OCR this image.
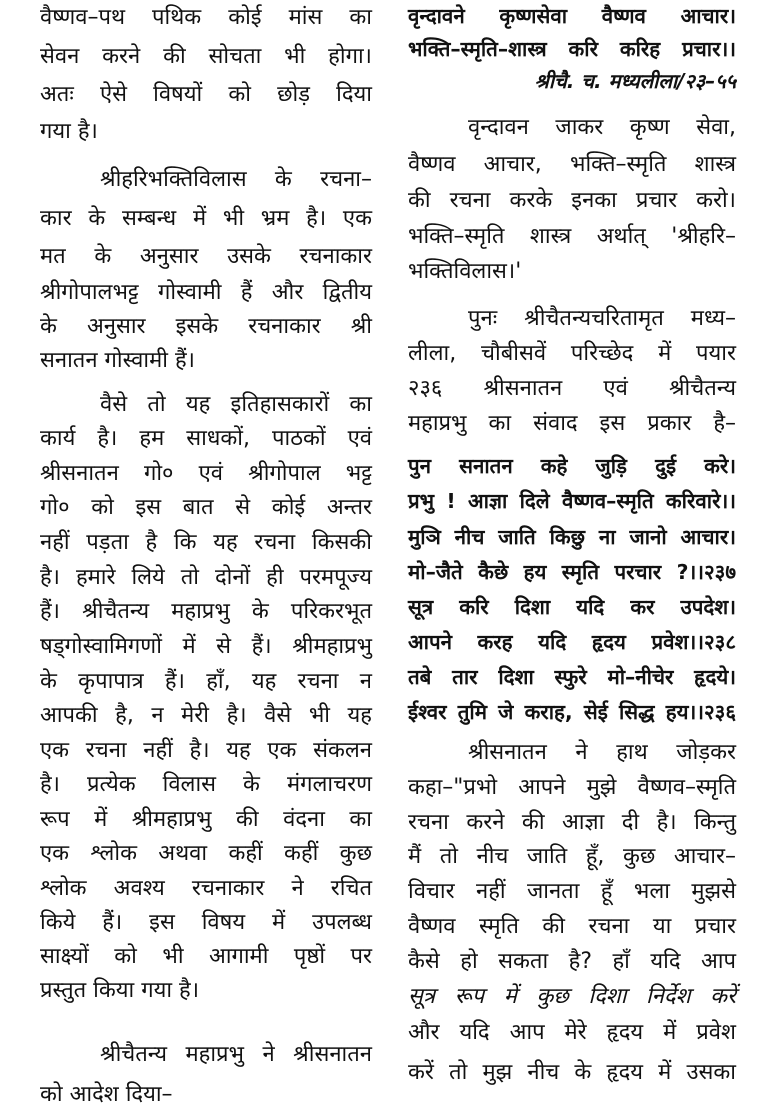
वैष्णव–पथ पथिक कोई मांस का
सेवन करने की सोचता भी होगा।
अतः ऐसे विषयों को छोड़ दिया
गया है।
श्रीहरिभक्तिविलास के रचना–
कार के सम्बन्ध में भी भ्रम है। एक
मत के अनुसार उसके रचनाकार
श्रीगोपालभट्ट गोस्वामी हैं और द्वितीय
के अनुसार इसके रचनाकार श्री
सनातन गोस्वामी हैं।
वैसे तो यह इतिहासकारों का
कार्य है। हम साधकों, पाठकों एवं
श्रीसनातन गो० एवं श्रीगोपाल भट्ट
गो० को इस बात से कोई अन्तर
नहीं पड़ता है कि यह रचना किसकी
है। हमारे लिये तो दोनों ही परमपूज्य
हैं। श्रीचैतन्य महाप्रभु के परिकरभूत
षड्गोस्वामिगणों में से हैं। श्रीमहाप्रभु
के कृपापात्र हैं। हाँ, यह रचना न
आपकी है, न मेरी है। वैसे भी यह
एक रचना नहीं है। यह एक संकलन
है। प्रत्येक विलास के मंगलाचरण
रूप में श्रीमहाप्रभु की वंदना का
एक श्लोक अथवा कहीं कहीं कुछ
श्लोक अवश्य रचनाकार ने रचित
किये हैं। इस विषय में उपलब्ध
साक्ष्यों को भी आगामी पृष्ठों पर
प्रस्तुत किया गया है।
श्रीचैतन्य महाप्रभु ने श्रीसनातन
को आदेश दिया–
वृन्दावने कृष्णसेवा वैष्णव आचार।
भक्ति–स्मृति–शास्त्र करि करिह प्रचार।।
श्रीचै. च. मध्यलीला/२३–५५
वृन्दावन जाकर कृष्ण सेवा,
वैष्णव आचार, भक्ति–स्मृति शास्त्र
की रचना करके इनका प्रचार करो।
भक्ति–स्मृति शास्त्र अर्थात् 'श्रीहरि–
भक्तिविलास।'
पुनः श्रीचैतन्यचरितामृत मध्य–
लीला, चौबीसवें परिच्छेद में पयार
२३६ श्रीसनातन एवं श्रीचैतन्य
महाप्रभु का संवाद इस प्रकार है–
पुन सनातन कहे जुड़ि दुई करे।
प्रभु ! आज्ञा दिले वैष्णव–स्मृति करिवारे।।
मुञि नीच जाति किछु ना जानो आचार।
मो–जैते कैछे हय स्मृति परचार ?।।२३७
सूत्र करि दिशा यदि कर उपदेश।
आपने करह यदि हृदय प्रवेश।।२३८
तबे तार दिशा स्फुरे मो–नीचेर हृदये।
ईश्वर तुमि जे कराह, सेई सिद्ध हय।।२३६
श्रीसनातन ने हाथ जोड़कर
कहा–"प्रभो आपने मुझे वैष्णव–स्मृति
रचना करने की आज्ञा दी है। किन्तु
मैं तो नीच जाति हूँ, कुछ आचार–
विचार नहीं जानता हूँ भला मुझसे
वैष्णव स्मृति की रचना या प्रचार
कैसे हो सकता है? हाँ यदि आप
सूत्र रूप में कुछ दिशा निर्देश करें
और यदि आप मेरे हृदय में प्रवेश
करें तो मुझ नीच के हृदय में उसका
